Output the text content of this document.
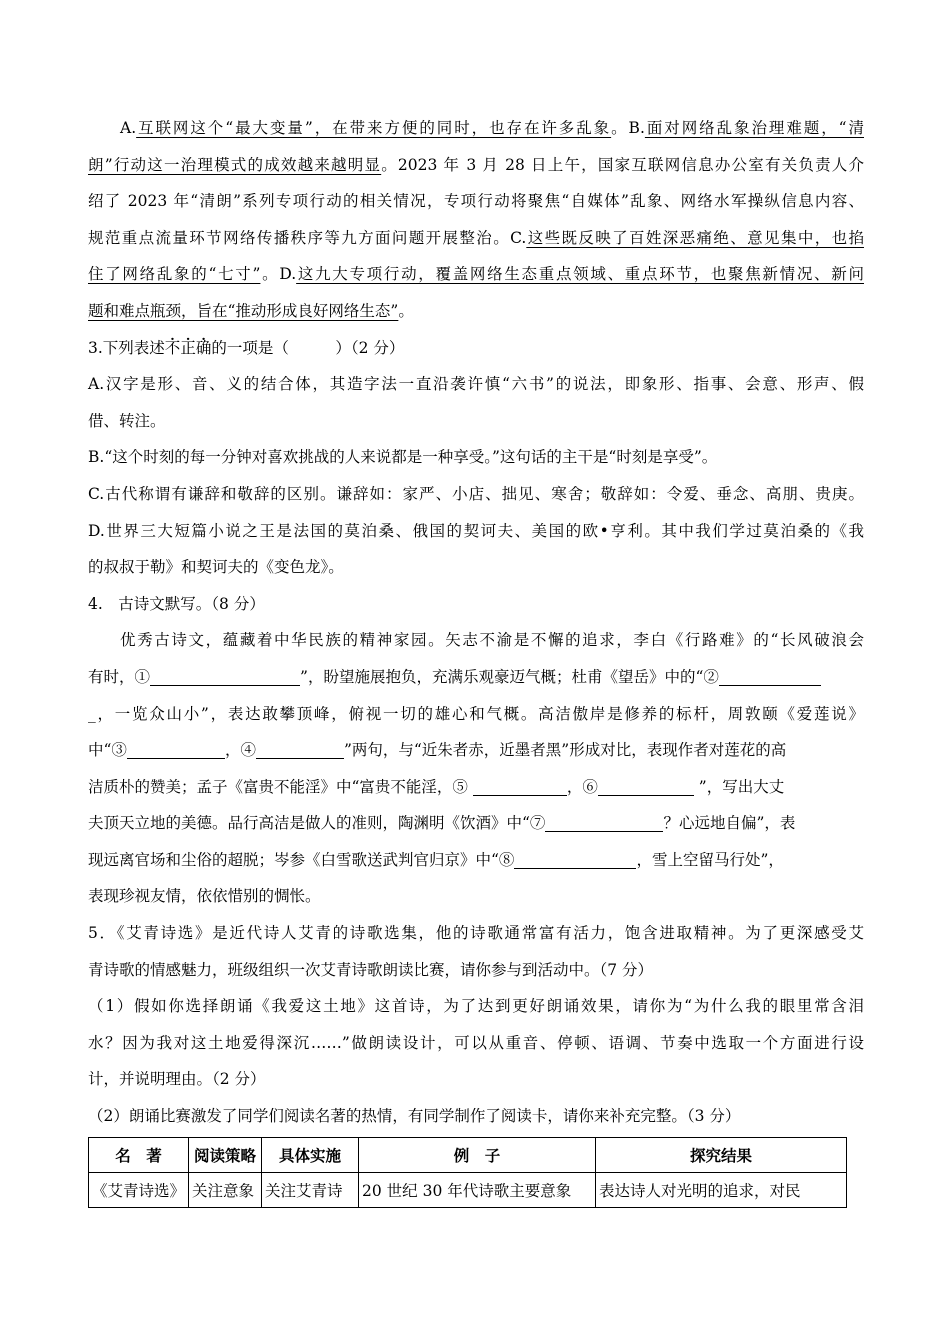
A.互联网这个“最大变量”，在带来方便的同时，也存在许多乱象。B.面对网络乱象治理难题，“清
朗”行动这一治理模式的成效越来越明显。2023 年 3 月 28 日上午，国家互联网信息办公室有关负责人介
绍了 2023 年“清朗”系列专项行动的相关情况，专项行动将聚焦“自媒体”乱象、网络水军操纵信息内容、
规范重点流量环节网络传播秩序等九方面问题开展整治。C.这些既反映了百姓深恶痛绝、意见集中，也掐
住了网络乱象的“七寸”。D.这九大专项行动，覆盖网络生态重点领域、重点环节，也聚焦新情况、新问
题和难点瓶颈，旨在“推动形成良好网络生态”。
3.下列表述不正确的一项是（　　　）（2 分）
A.汉字是形、音、义的结合体，其造字法一直沿袭许慎“六书”的说法，即象形、指事、会意、形声、假
借、转注。
B.“这个时刻的每一分钟对喜欢挑战的人来说都是一种享受。”这句话的主干是“时刻是享受”。
C.古代称谓有谦辞和敬辞的区别。谦辞如：家严、小店、拙见、寒舍；敬辞如：令爱、垂念、高朋、贵庚。
D.世界三大短篇小说之王是法国的莫泊桑、俄国的契诃夫、美国的欧•亨利。其中我们学过莫泊桑的《我
的叔叔于勒》和契诃夫的《变色龙》。
4.　古诗文默写。（8 分）
优秀古诗文，蕴藏着中华民族的精神家园。矢志不渝是不懈的追求，李白《行路难》的“长风破浪会
有时，①	”，盼望施展抱负，充满乐观豪迈气概；杜甫《望岳》中的“②
_，一览众山小”，表达敢攀顶峰，俯视一切的雄心和气概。高洁傲岸是修养的标杆，周敦颐《爱莲说》
中“③	，④	”两句，与“近朱者赤，近墨者黑”形成对比，表现作者对莲花的高
洁质朴的赞美；孟子《富贵不能淫》中“富贵不能淫，⑤	，⑥	”，写出大丈
夫顶天立地的美德。品行高洁是做人的准则，陶渊明《饮酒》中“⑦	？心远地自偏”，表
现远离官场和尘俗的超脱；岑参《白雪歌送武判官归京》中“⑧	，雪上空留马行处”，
表现珍视友情，依依惜别的惆怅。
5．《艾青诗选》是近代诗人艾青的诗歌选集，他的诗歌通常富有活力，饱含进取精神。为了更深感受艾
青诗歌的情感魅力，班级组织一次艾青诗歌朗读比赛，请你参与到活动中。（7 分）
（1）假如你选择朗诵《我爱这土地》这首诗，为了达到更好朗诵效果，请你为“为什么我的眼里常含泪
水？因为我对这土地爱得深沉……”做朗读设计，可以从重音、停顿、语调、节奏中选取一个方面进行设
计，并说明理由。（2 分）
（2）朗诵比赛激发了同学们阅读名著的热情，有同学制作了阅读卡，请你来补充完整。（3 分）
名　著	阅读策略	具体实施	例　子	探究结果
《艾青诗选》	关注意象	关注艾青诗	20 世纪 30 年代诗歌主要意象	表达诗人对光明的追求，对民
